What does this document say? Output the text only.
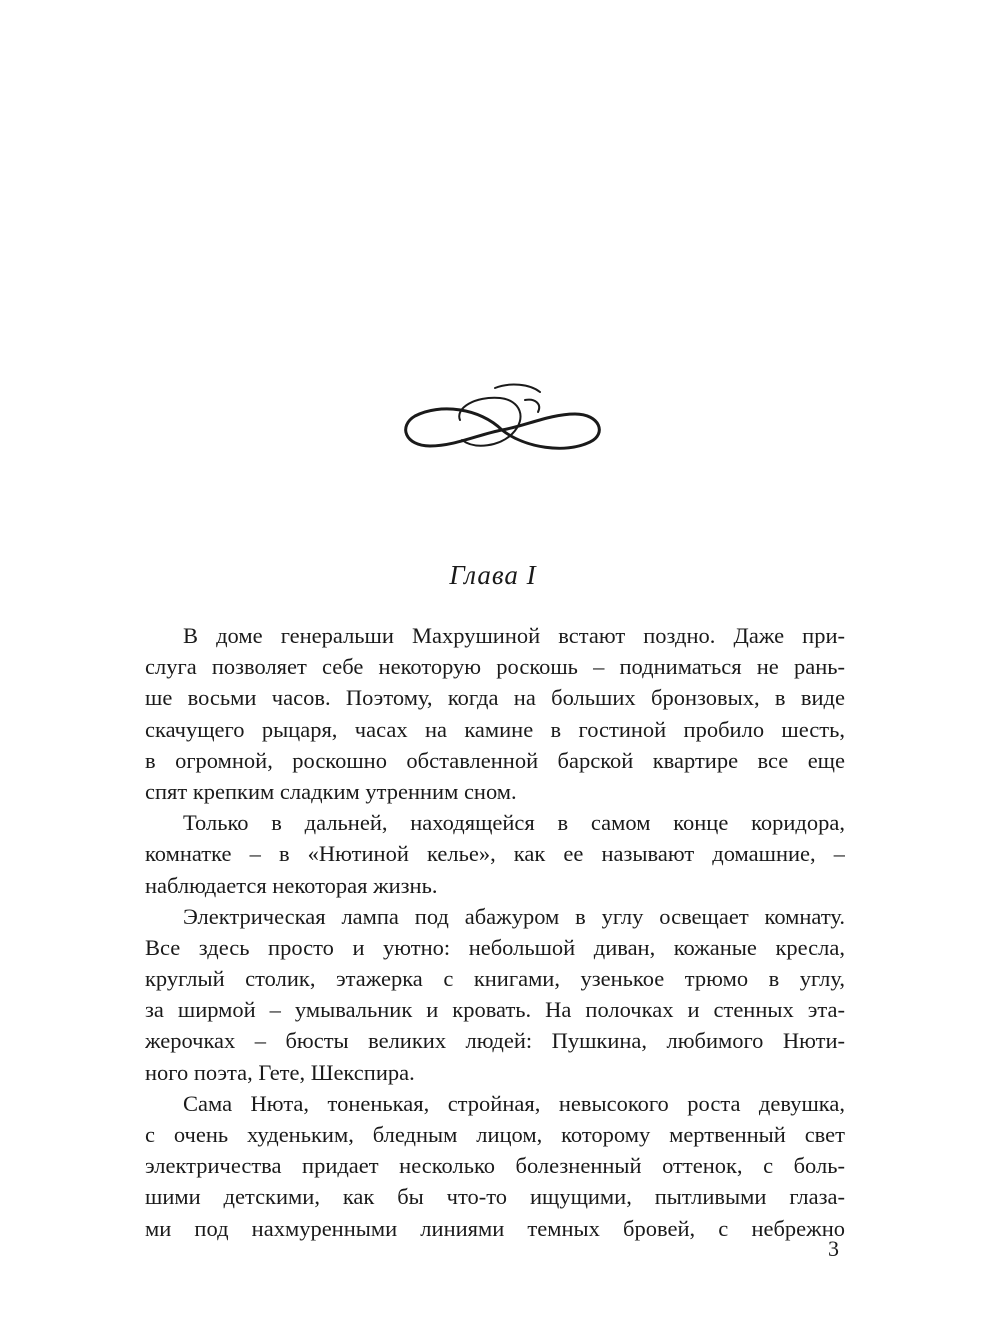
Глава I
В доме генеральши Махрушиной встают поздно. Даже при-
слуга позволяет себе некоторую роскошь – подниматься не рань-
ше восьми часов. Поэтому, когда на больших бронзовых, в виде
скачущего рыцаря, часах на камине в гостиной пробило шесть,
в огромной, роскошно обставленной барской квартире все еще
спят крепким сладким утренним сном.
Только в дальней, находящейся в самом конце коридора,
комнатке – в «Нютиной келье», как ее называют домашние, –
наблюдается некоторая жизнь.
Электрическая лампа под абажуром в углу освещает комнату.
Все здесь просто и уютно: небольшой диван, кожаные кресла,
круглый столик, этажерка с книгами, узенькое трюмо в углу,
за ширмой – умывальник и кровать. На полочках и стенных эта-
жерочках – бюсты великих людей: Пушкина, любимого Нюти-
ного поэта, Гете, Шекспира.
Сама Нюта, тоненькая, стройная, невысокого роста девушка,
с очень худеньким, бледным лицом, которому мертвенный свет
электричества придает несколько болезненный оттенок, с боль-
шими детскими, как бы что-то ищущими, пытливыми глаза-
ми под нахмуренными линиями темных бровей, с небрежно
3
